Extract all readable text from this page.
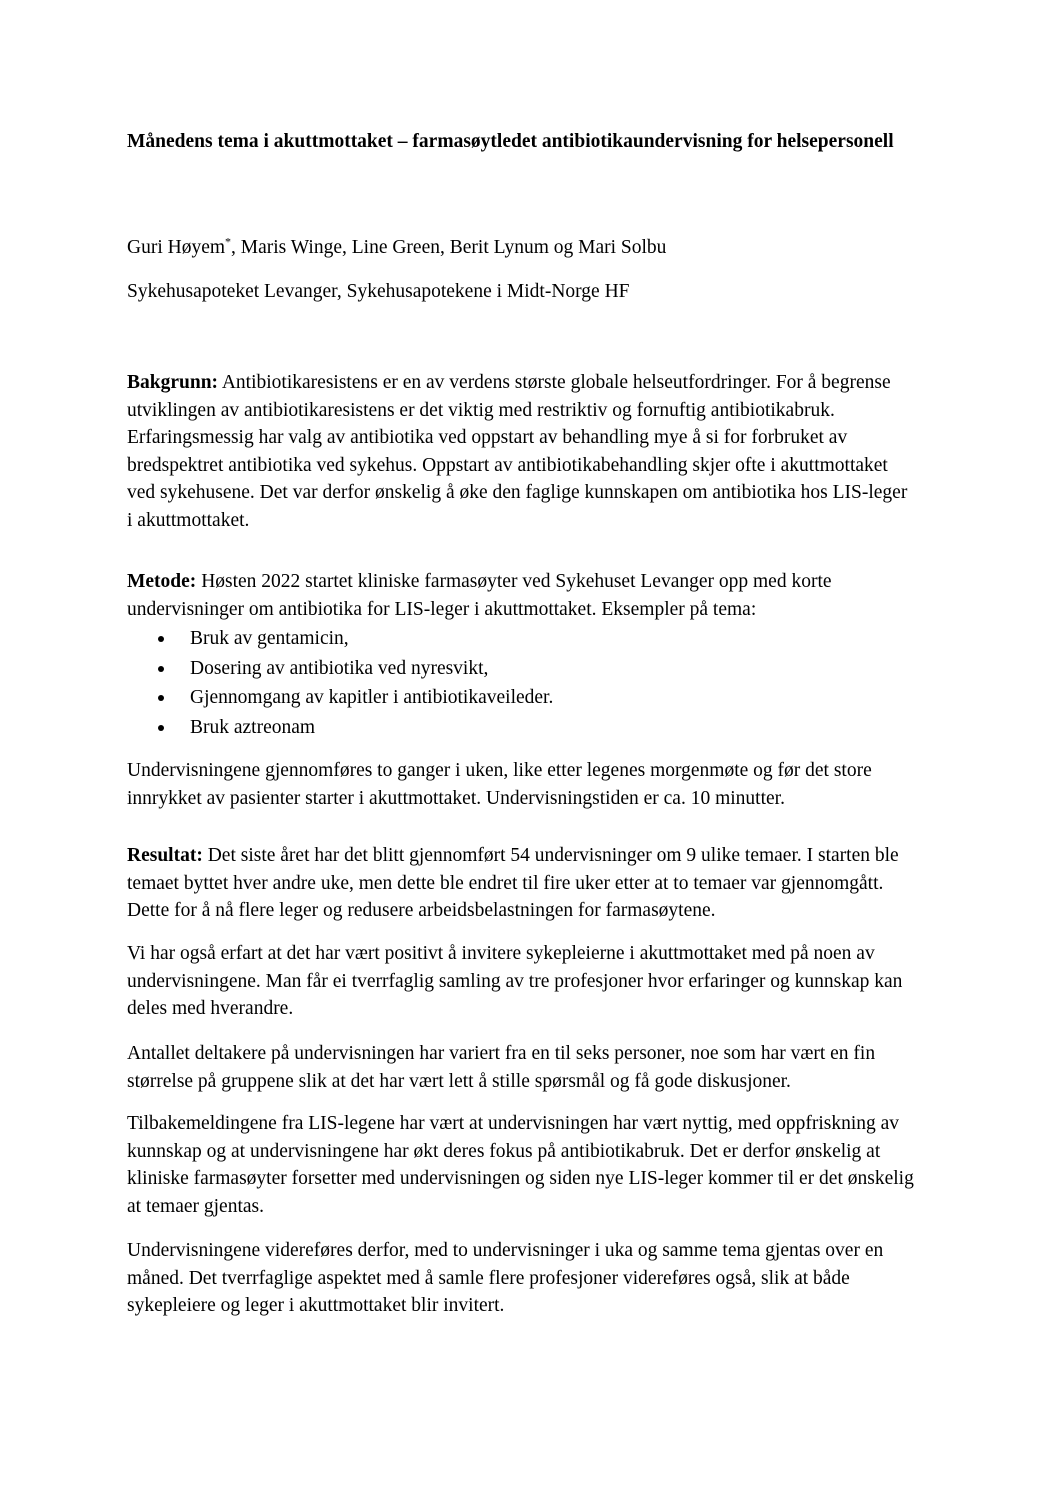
Månedens tema i akuttmottaket – farmasøytledet antibiotikaundervisning for helsepersonell
Guri Høyem*, Maris Winge, Line Green, Berit Lynum og Mari Solbu
Sykehusapoteket Levanger, Sykehusapotekene i Midt-Norge HF
Bakgrunn: Antibiotikaresistens er en av verdens største globale helseutfordringer. For å begrense utviklingen av antibiotikaresistens er det viktig med restriktiv og fornuftig antibiotikabruk. Erfaringsmessig har valg av antibiotika ved oppstart av behandling mye å si for forbruket av bredspektret antibiotika ved sykehus. Oppstart av antibiotikabehandling skjer ofte i akuttmottaket ved sykehusene. Det var derfor ønskelig å øke den faglige kunnskapen om antibiotika hos LIS-leger i akuttmottaket.
Metode: Høsten 2022 startet kliniske farmasøyter ved Sykehuset Levanger opp med korte undervisninger om antibiotika for LIS-leger i akuttmottaket. Eksempler på tema:
Bruk av gentamicin,
Dosering av antibiotika ved nyresvikt,
Gjennomgang av kapitler i antibiotikaveileder.
Bruk aztreonam
Undervisningene gjennomføres to ganger i uken, like etter legenes morgenmøte og før det store innrykket av pasienter starter i akuttmottaket. Undervisningstiden er ca. 10 minutter.
Resultat: Det siste året har det blitt gjennomført 54 undervisninger om 9 ulike temaer. I starten ble temaet byttet hver andre uke, men dette ble endret til fire uker etter at to temaer var gjennomgått. Dette for å nå flere leger og redusere arbeidsbelastningen for farmasøytene.
Vi har også erfart at det har vært positivt å invitere sykepleierne i akuttmottaket med på noen av undervisningene. Man får ei tverrfaglig samling av tre profesjoner hvor erfaringer og kunnskap kan deles med hverandre.
Antallet deltakere på undervisningen har variert fra en til seks personer, noe som har vært en fin størrelse på gruppene slik at det har vært lett å stille spørsmål og få gode diskusjoner.
Tilbakemeldingene fra LIS-legene har vært at undervisningen har vært nyttig, med oppfriskning av kunnskap og at undervisningene har økt deres fokus på antibiotikabruk. Det er derfor ønskelig at kliniske farmasøyter forsetter med undervisningen og siden nye LIS-leger kommer til er det ønskelig at temaer gjentas.
Undervisningene videreføres derfor, med to undervisninger i uka og samme tema gjentas over en måned. Det tverrfaglige aspektet med å samle flere profesjoner videreføres også, slik at både sykepleiere og leger i akuttmottaket blir invitert.
